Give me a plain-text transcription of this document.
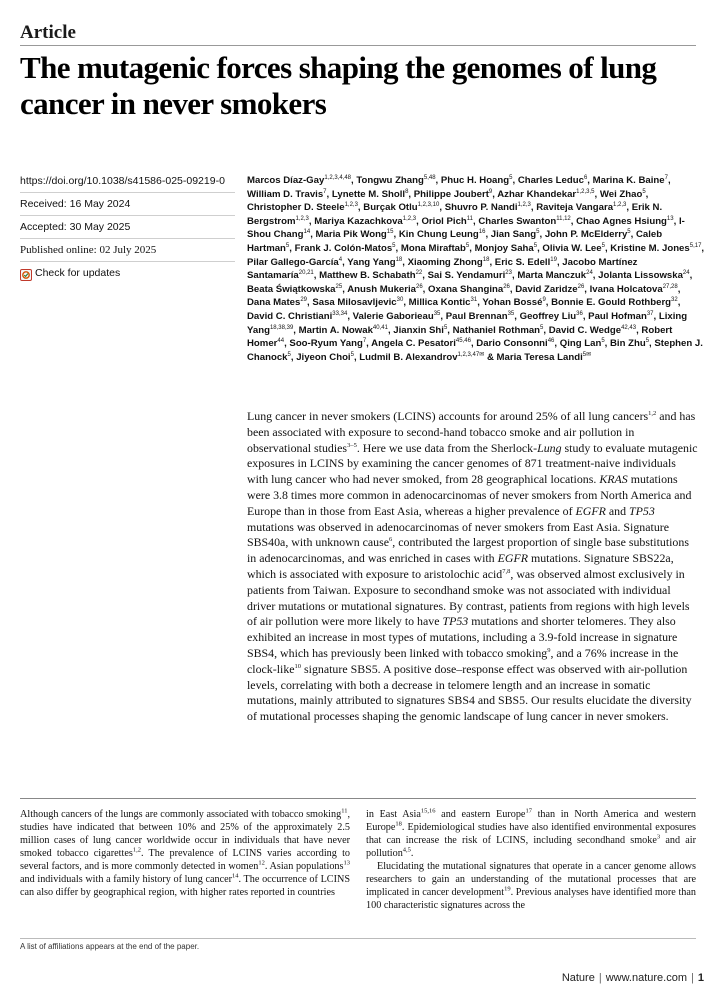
Article
The mutagenic forces shaping the genomes of lung cancer in never smokers
https://doi.org/10.1038/s41586-025-09219-0
Received: 16 May 2024
Accepted: 30 May 2025
Published online: 02 July 2025
Check for updates
Marcos Díaz-Gay$^{1,2,3,4,48}$, Tongwu Zhang$^{5,48}$, Phuc H. Hoang$^5$, Charles Leduc$^6$, Marina K. Baine$^7$, William D. Travis$^7$, Lynette M. Sholl$^8$, Philippe Joubert$^9$, Azhar Khandekar$^{1,2,3,5}$, Wei Zhao$^5$, Christopher D. Steele$^{1,2,3}$, Burçak Otlu$^{1,2,3,10}$, Shuvro P. Nandi$^{1,2,3}$, Raviteja Vangara$^{1,2,3}$, Erik N. Bergstrom$^{1,2,3}$, Mariya Kazachkova$^{1,2,3}$, Oriol Pich$^{11}$, Charles Swanton$^{11,12}$, Chao Agnes Hsiung$^{13}$, I-Shou Chang$^{14}$, Maria Pik Wong$^{15}$, Kin Chung Leung$^{16}$, Jian Sang$^5$, John P. McElderry$^5$, Caleb Hartman$^5$, Frank J. Colón-Matos$^5$, Mona Miraftab$^5$, Monjoy Saha$^5$, Olivia W. Lee$^5$, Kristine M. Jones$^{5,17}$, Pilar Gallego-García$^4$, Yang Yang$^{18}$, Xiaoming Zhong$^{18}$, Eric S. Edell$^{19}$, Jacobo Martínez Santamaría$^{20,21}$, Matthew B. Schabath$^{22}$, Sai S. Yendamuri$^{23}$, Marta Manczuk$^{24}$, Jolanta Lissowska$^{24}$, Beata Świątkowska$^{25}$, Anush Mukeria$^{26}$, Oxana Shangina$^{26}$, David Zaridze$^{26}$, Ivana Holcatova$^{27,28}$, Dana Mates$^{29}$, Sasa Milosavljevic$^{30}$, Millica Kontic$^{31}$, Yohan Bossé$^9$, Bonnie E. Gould Rothberg$^{32}$, David C. Christiani$^{33,34}$, Valerie Gaborieau$^{35}$, Paul Brennan$^{35}$, Geoffrey Liu$^{36}$, Paul Hofman$^{37}$, Lixing Yang$^{18,38,39}$, Martin A. Nowak$^{40,41}$, Jianxin Shi$^5$, Nathaniel Rothman$^5$, David C. Wedge$^{42,43}$, Robert Homer$^{44}$, Soo-Ryum Yang$^7$, Angela C. Pesatori$^{45,46}$, Dario Consonni$^{46}$, Qing Lan$^5$, Bin Zhu$^5$, Stephen J. Chanock$^5$, Jiyeon Choi$^5$, Ludmil B. Alexandrov$^{1,2,3,47✉}$ & Maria Teresa Landi$^{5✉}$

Lung cancer in never smokers (LCINS) accounts for around 25% of all lung cancers$^{1,2}$ and has been associated with exposure to second-hand tobacco smoke and air pollution in observational studies$^{3-5}$. Here we use data from the Sherlock-Lung study to evaluate mutagenic exposures in LCINS by examining the cancer genomes of 871 treatment-naive individuals with lung cancer who had never smoked, from 28 geographical locations. KRAS mutations were 3.8 times more common in adenocarcinomas of never smokers from North America and Europe than in those from East Asia, whereas a higher prevalence of EGFR and TP53 mutations was observed in adenocarcinomas of never smokers from East Asia. Signature SBS40a, with unknown cause$^6$, contributed the largest proportion of single base substitutions in adenocarcinomas, and was enriched in cases with EGFR mutations. Signature SBS22a, which is associated with exposure to aristolochic acid$^{7,8}$, was observed almost exclusively in patients from Taiwan. Exposure to secondhand smoke was not associated with individual driver mutations or mutational signatures. By contrast, patients from regions with high levels of air pollution were more likely to have TP53 mutations and shorter telomeres. They also exhibited an increase in most types of mutations, including a 3.9-fold increase in signature SBS4, which has previously been linked with tobacco smoking$^9$, and a 76% increase in the clock-like$^{10}$ signature SBS5. A positive dose–response effect was observed with air-pollution levels, correlating with both a decrease in telomere length and an increase in somatic mutations, mainly attributed to signatures SBS4 and SBS5. Our results elucidate the diversity of mutational processes shaping the genomic landscape of lung cancer in never smokers.

Although cancers of the lungs are commonly associated with tobacco smoking$^{11}$, studies have indicated that between 10% and 25% of the approximately 2.5 million cases of lung cancer worldwide occur in individuals that have never smoked tobacco cigarettes$^{1,2}$. The prevalence of LCINS varies according to several factors, and is more commonly detected in women$^{12}$. Asian populations$^{13}$ and individuals with a family history of lung cancer$^{14}$. The occurrence of LCINS can also differ by geographical region, with higher rates reported in countries

in East Asia$^{15,16}$ and eastern Europe$^{17}$ than in North America and western Europe$^{18}$. Epidemiological studies have also identified environmental exposures that can increase the risk of LCINS, including secondhand smoke$^3$ and air pollution$^{4,5}$.
Elucidating the mutational signatures that operate in a cancer genome allows researchers to gain an understanding of the mutational processes that are implicated in cancer development$^{19}$. Previous analyses have identified more than 100 characteristic signatures across the
A list of affiliations appears at the end of the paper.
Nature | www.nature.com | 1
